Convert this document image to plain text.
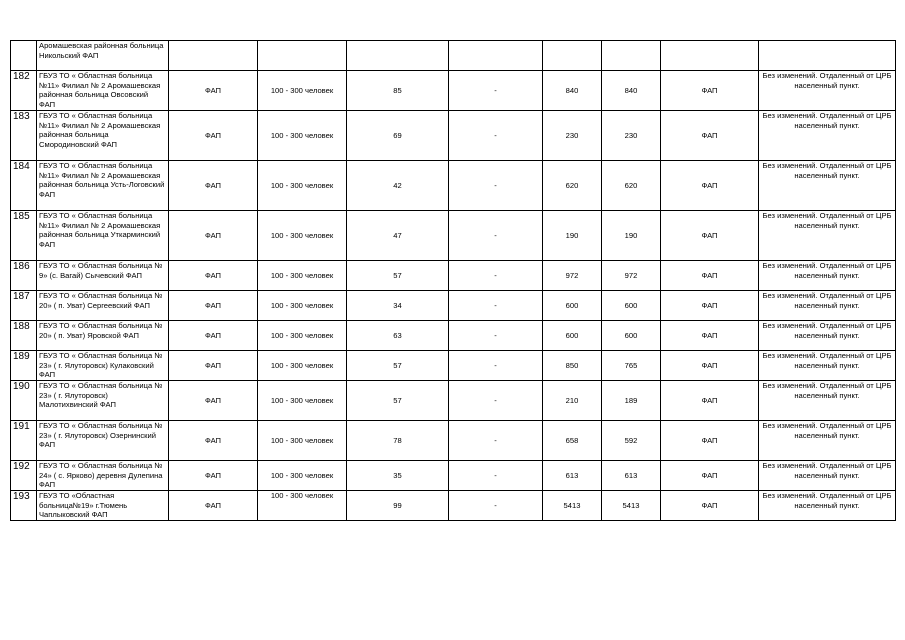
	Аромашевская районная больница Никольский ФАП								
182	ГБУЗ ТО « Областная больница №11» Филиал № 2 Аромашевская районная больница Овсовский ФАП	ФАП	100 - 300 человек	85	-	840	840	ФАП	Без изменений. Отдаленный от ЦРБ населенный пункт.
183	ГБУЗ ТО « Областная больница №11» Филиал № 2 Аромашевская районная больница Смородиновский ФАП	ФАП	100 - 300 человек	69	-	230	230	ФАП	Без изменений. Отдаленный от ЦРБ населенный пункт.
184	ГБУЗ ТО « Областная больница №11» Филиал № 2 Аромашевская районная больница Усть-Логовский ФАП	ФАП	100 - 300 человек	42	-	620	620	ФАП	Без изменений. Отдаленный от ЦРБ населенный пункт.
185	ГБУЗ ТО « Областная больница №11» Филиал № 2 Аромашевская районная больница Уткарминский ФАП	ФАП	100 - 300 человек	47	-	190	190	ФАП	Без изменений. Отдаленный от ЦРБ населенный пункт.
186	ГБУЗ ТО « Областная больница № 9» (с. Вагай) Сычевский ФАП	ФАП	100 - 300 человек	57	-	972	972	ФАП	Без изменений. Отдаленный от ЦРБ населенный пункт.
187	ГБУЗ ТО « Областная больница № 20» ( п. Уват) Сергеевский ФАП	ФАП	100 - 300 человек	34	-	600	600	ФАП	Без изменений. Отдаленный от ЦРБ населенный пункт.
188	ГБУЗ ТО « Областная больница № 20» ( п. Уват) Яровской ФАП	ФАП	100 - 300 человек	63	-	600	600	ФАП	Без изменений. Отдаленный от ЦРБ населенный пункт.
189	ГБУЗ ТО « Областная больница № 23» ( г. Ялуторовск) Кулаковский ФАП	ФАП	100 - 300 человек	57	-	850	765	ФАП	Без изменений. Отдаленный от ЦРБ населенный пункт.
190	ГБУЗ ТО « Областная больница № 23» ( г. Ялуторовск) Малотихвинский ФАП	ФАП	100 - 300 человек	57	-	210	189	ФАП	Без изменений. Отдаленный от ЦРБ населенный пункт.
191	ГБУЗ ТО « Областная больница № 23» ( г. Ялуторовск) Озернинский ФАП	ФАП	100 - 300 человек	78	-	658	592	ФАП	Без изменений. Отдаленный от ЦРБ населенный пункт.
192	ГБУЗ ТО « Областная больница № 24» ( с. Ярково) деревня Дулепина ФАП	ФАП	100 - 300 человек	35	-	613	613	ФАП	Без изменений. Отдаленный от ЦРБ населенный пункт.
193	ГБУЗ ТО «Областная больница№19» г.Тюмень Чаплыковский ФАП	ФАП	100 - 300 человек	99	-	5413	5413	ФАП	Без изменений. Отдаленный от ЦРБ населенный пункт.
